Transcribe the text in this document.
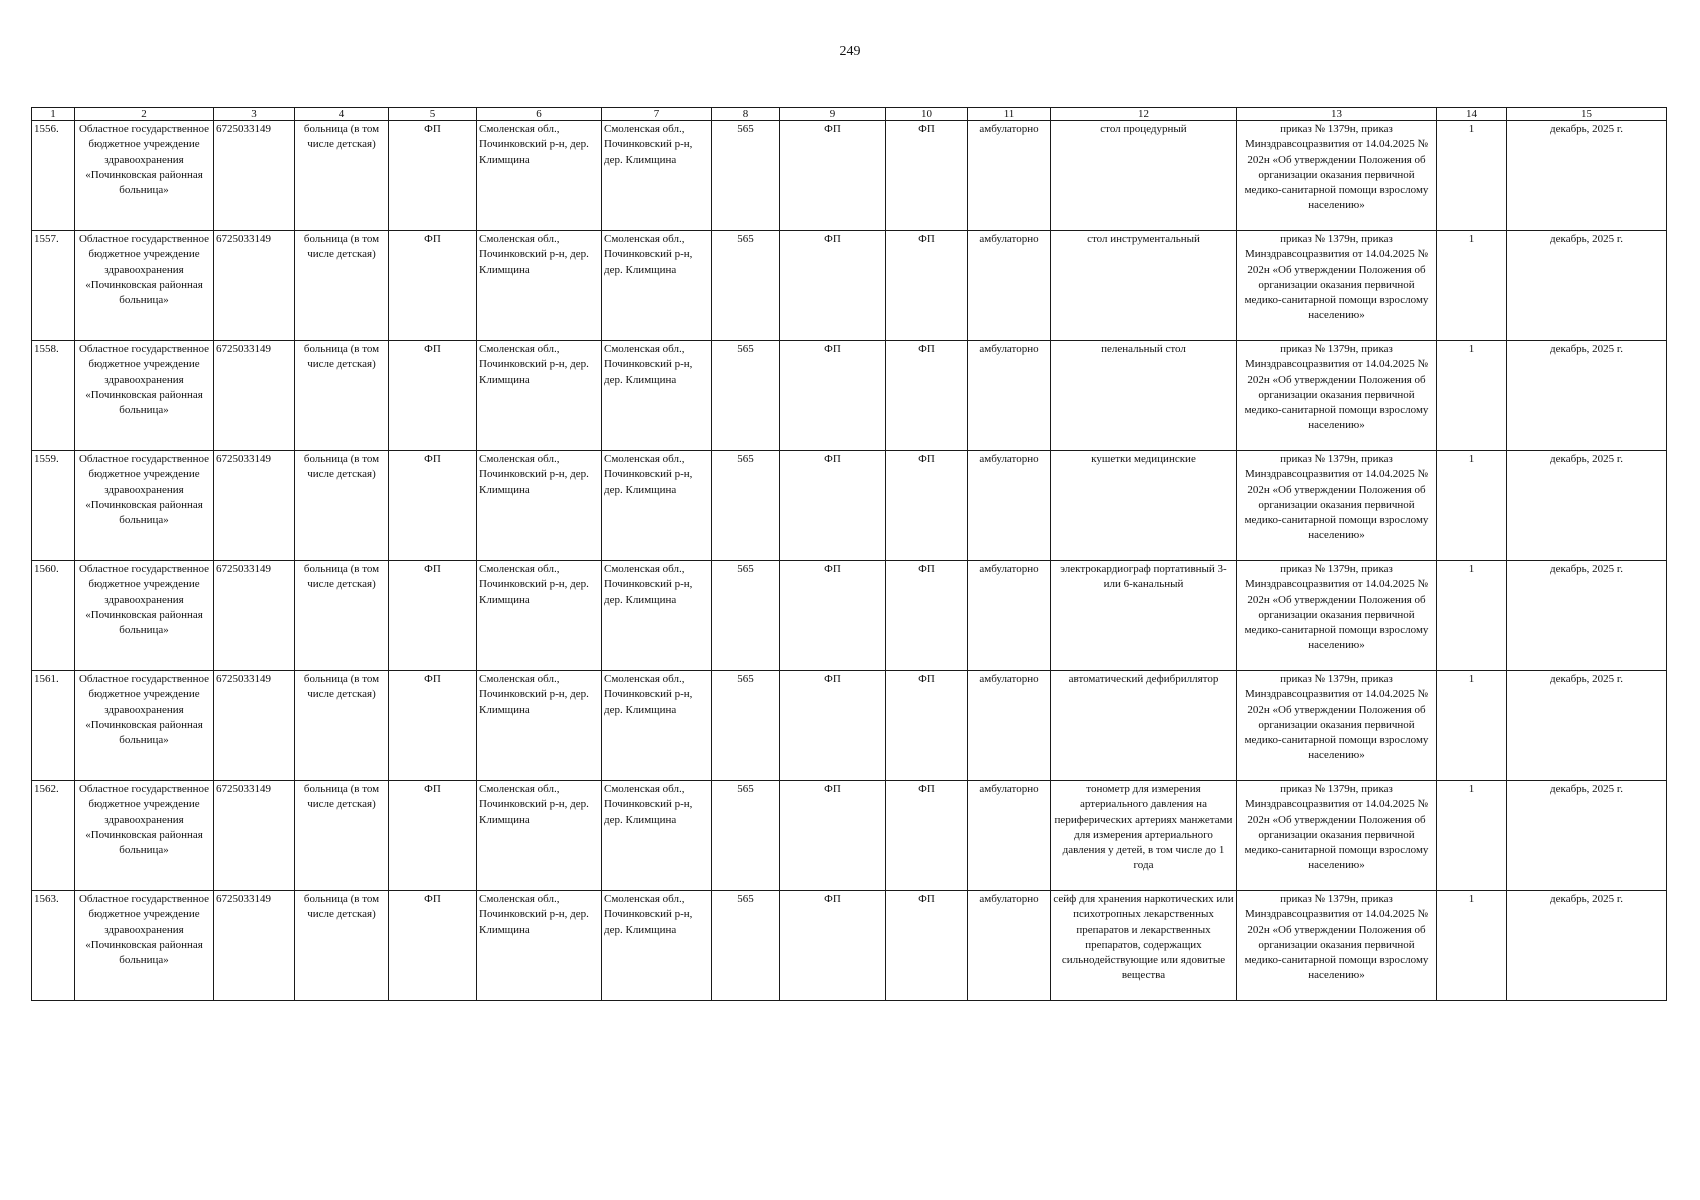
249
1	2	3	4	5	6	7	8	9	10	11	12	13	14	15
1556.	Областное государственное бюджетное учреждение здравоохранения «Починковская районная больница»	6725033149	больница (в том числе детская)	ФП	Смоленская обл., Починковский р-н, дер. Климщина	Смоленская обл., Починковский р-н, дер. Климщина	565	ФП	ФП	амбулаторно	стол процедурный	приказ № 1379н, приказ Минздравсоцразвития от 14.04.2025 № 202н «Об утверждении Положения об организации оказания первичной медико-санитарной помощи взрослому населению»	1	декабрь, 2025 г.
1557.	Областное государственное бюджетное учреждение здравоохранения «Починковская районная больница»	6725033149	больница (в том числе детская)	ФП	Смоленская обл., Починковский р-н, дер. Климщина	Смоленская обл., Починковский р-н, дер. Климщина	565	ФП	ФП	амбулаторно	стол инструментальный	приказ № 1379н, приказ Минздравсоцразвития от 14.04.2025 № 202н «Об утверждении Положения об организации оказания первичной медико-санитарной помощи взрослому населению»	1	декабрь, 2025 г.
1558.	Областное государственное бюджетное учреждение здравоохранения «Починковская районная больница»	6725033149	больница (в том числе детская)	ФП	Смоленская обл., Починковский р-н, дер. Климщина	Смоленская обл., Починковский р-н, дер. Климщина	565	ФП	ФП	амбулаторно	пеленальный стол	приказ № 1379н, приказ Минздравсоцразвития от 14.04.2025 № 202н «Об утверждении Положения об организации оказания первичной медико-санитарной помощи взрослому населению»	1	декабрь, 2025 г.
1559.	Областное государственное бюджетное учреждение здравоохранения «Починковская районная больница»	6725033149	больница (в том числе детская)	ФП	Смоленская обл., Починковский р-н, дер. Климщина	Смоленская обл., Починковский р-н, дер. Климщина	565	ФП	ФП	амбулаторно	кушетки медицинские	приказ № 1379н, приказ Минздравсоцразвития от 14.04.2025 № 202н «Об утверждении Положения об организации оказания первичной медико-санитарной помощи взрослому населению»	1	декабрь, 2025 г.
1560.	Областное государственное бюджетное учреждение здравоохранения «Починковская районная больница»	6725033149	больница (в том числе детская)	ФП	Смоленская обл., Починковский р-н, дер. Климщина	Смоленская обл., Починковский р-н, дер. Климщина	565	ФП	ФП	амбулаторно	электрокардиограф портативный 3- или 6-канальный	приказ № 1379н, приказ Минздравсоцразвития от 14.04.2025 № 202н «Об утверждении Положения об организации оказания первичной медико-санитарной помощи взрослому населению»	1	декабрь, 2025 г.
1561.	Областное государственное бюджетное учреждение здравоохранения «Починковская районная больница»	6725033149	больница (в том числе детская)	ФП	Смоленская обл., Починковский р-н, дер. Климщина	Смоленская обл., Починковский р-н, дер. Климщина	565	ФП	ФП	амбулаторно	автоматический дефибриллятор	приказ № 1379н, приказ Минздравсоцразвития от 14.04.2025 № 202н «Об утверждении Положения об организации оказания первичной медико-санитарной помощи взрослому населению»	1	декабрь, 2025 г.
1562.	Областное государственное бюджетное учреждение здравоохранения «Починковская районная больница»	6725033149	больница (в том числе детская)	ФП	Смоленская обл., Починковский р-н, дер. Климщина	Смоленская обл., Починковский р-н, дер. Климщина	565	ФП	ФП	амбулаторно	тонометр для измерения артериального давления на периферических артериях манжетами для измерения артериального давления у детей, в том числе до 1 года	приказ № 1379н, приказ Минздравсоцразвития от 14.04.2025 № 202н «Об утверждении Положения об организации оказания первичной медико-санитарной помощи взрослому населению»	1	декабрь, 2025 г.
1563.	Областное государственное бюджетное учреждение здравоохранения «Починковская районная больница»	6725033149	больница (в том числе детская)	ФП	Смоленская обл., Починковский р-н, дер. Климщина	Смоленская обл., Починковский р-н, дер. Климщина	565	ФП	ФП	амбулаторно	сейф для хранения наркотических или психотропных лекарственных препаратов и лекарственных препаратов, содержащих сильнодействующие или ядовитые вещества	приказ № 1379н, приказ Минздравсоцразвития от 14.04.2025 № 202н «Об утверждении Положения об организации оказания первичной медико-санитарной помощи взрослому населению»	1	декабрь, 2025 г.
